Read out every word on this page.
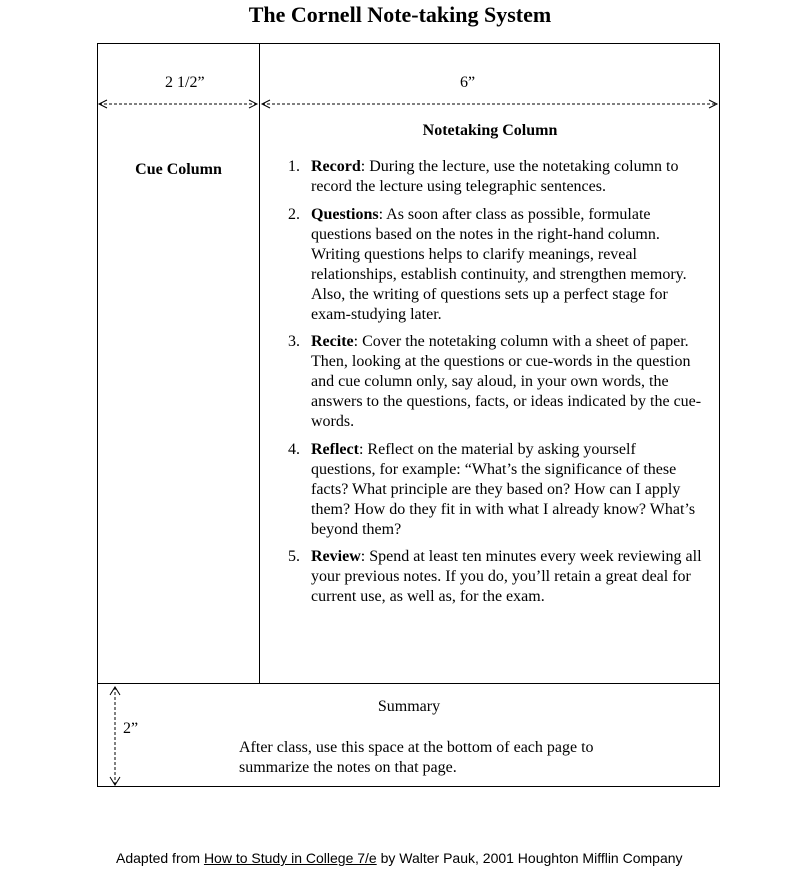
The Cornell Note-taking System
2 1/2”	6”
2”
Cue Column
Notetaking Column
1. Record: During the lecture, use the notetaking column to record the lecture using telegraphic sentences.
2. Questions: As soon after class as possible, formulate questions based on the notes in the right-hand column. Writing questions helps to clarify meanings, reveal relationships, establish continuity, and strengthen memory. Also, the writing of questions sets up a perfect stage for exam-studying later.
3. Recite: Cover the notetaking column with a sheet of paper. Then, looking at the questions or cue-words in the question and cue column only, say aloud, in your own words, the answers to the questions, facts, or ideas indicated by the cue-words.
4. Reflect: Reflect on the material by asking yourself questions, for example: “What’s the significance of these facts? What principle are they based on? How can I apply them? How do they fit in with what I already know? What’s beyond them?
5. Review: Spend at least ten minutes every week reviewing all your previous notes. If you do, you’ll retain a great deal for current use, as well as, for the exam.
Summary
After class, use this space at the bottom of each page to summarize the notes on that page.
Adapted from How to Study in College 7/e by Walter Pauk, 2001 Houghton Mifflin Company
